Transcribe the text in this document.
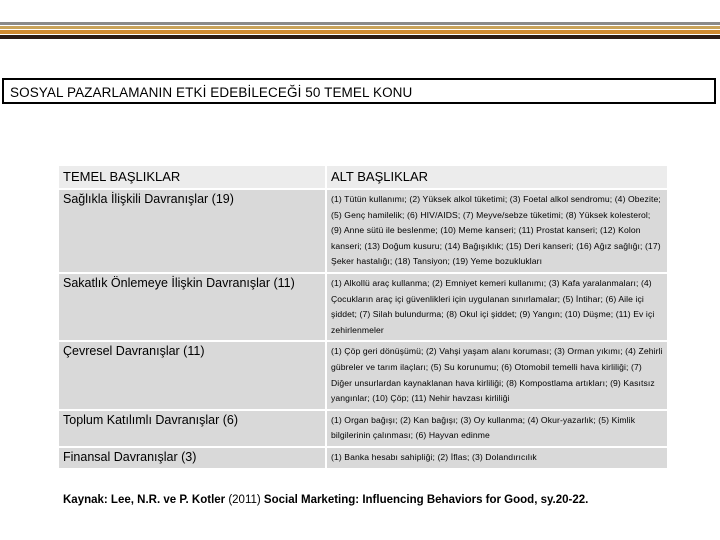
SOSYAL PAZARLAMANIN ETKİ EDEBİLECEĞİ 50 TEMEL KONU
TEMEL BAŞLIKLAR	ALT BAŞLIKLAR
Sağlıkla İlişkili Davranışlar (19)	(1) Tütün kullanımı; (2) Yüksek alkol tüketimi; (3) Foetal alkol sendromu; (4) Obezite; (5) Genç hamilelik; (6) HIV/AIDS; (7) Meyve/sebze tüketimi; (8) Yüksek kolesterol; (9) Anne sütü ile beslenme; (10) Meme kanseri; (11) Prostat kanseri; (12) Kolon kanseri; (13) Doğum kusuru; (14) Bağışıklık; (15) Deri kanseri; (16) Ağız sağlığı; (17) Şeker hastalığı; (18) Tansiyon; (19) Yeme bozuklukları
Sakatlık Önlemeye İlişkin Davranışlar (11)	(1) Alkollü araç kullanma; (2) Emniyet kemeri kullanımı; (3) Kafa yaralanmaları; (4) Çocukların araç içi güvenlikleri için uygulanan sınırlamalar; (5) İntihar; (6) Aile içi şiddet; (7) Silah bulundurma; (8) Okul içi şiddet; (9) Yangın; (10) Düşme; (11) Ev içi zehirlenmeler
Çevresel Davranışlar (11)	(1) Çöp geri dönüşümü; (2) Vahşi yaşam alanı koruması; (3) Orman yıkımı; (4) Zehirli gübreler ve tarım ilaçları; (5) Su korunumu; (6) Otomobil temelli hava kirliliği; (7) Diğer unsurlardan kaynaklanan hava kirliliği; (8) Kompostlama artıkları; (9) Kasıtsız yangınlar; (10) Çöp; (11) Nehir havzası kirliliği
Toplum Katılımlı Davranışlar (6)	(1) Organ bağışı; (2) Kan bağışı; (3) Oy kullanma; (4) Okur-yazarlık; (5) Kimlik bilgilerinin çalınması; (6) Hayvan edinme
Finansal Davranışlar (3)	(1) Banka hesabı sahipliği; (2) İflas; (3) Dolandırıcılık
Kaynak: Lee, N.R. ve P. Kotler (2011) Social Marketing: Influencing Behaviors for Good, sy.20-22.
